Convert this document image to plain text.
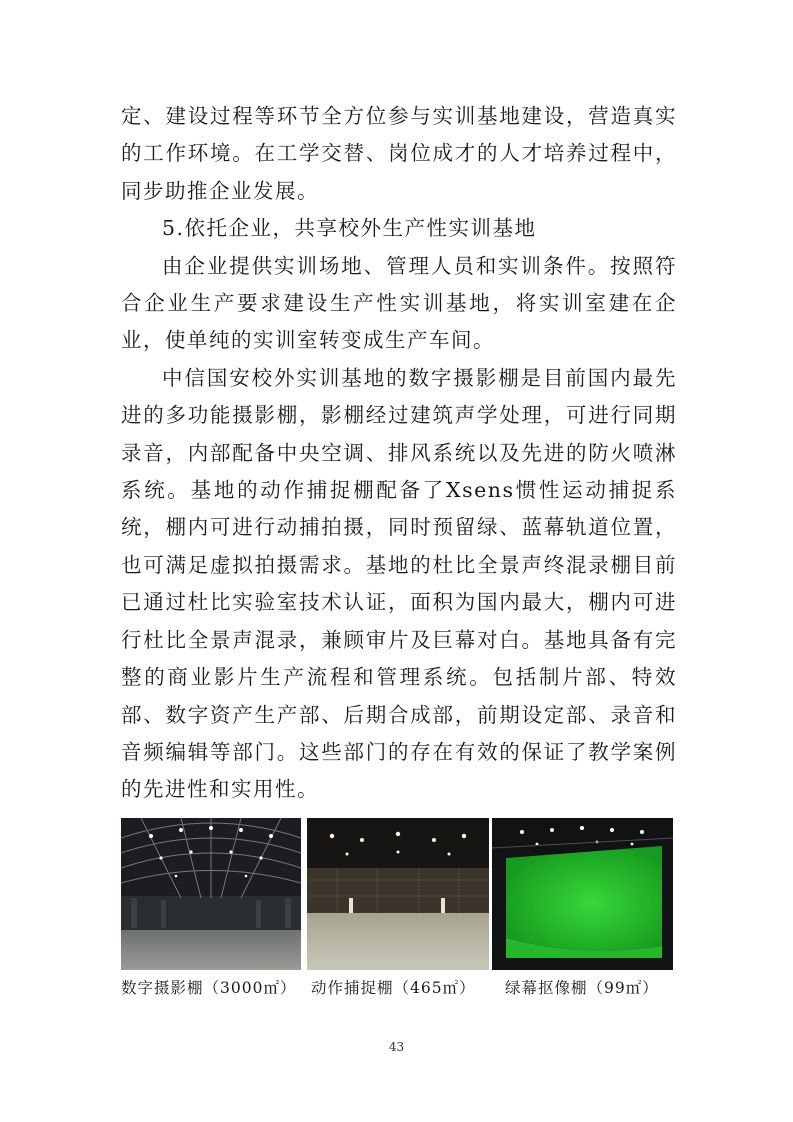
定、建设过程等环节全方位参与实训基地建设，营造真实的工作环境。在工学交替、岗位成才的人才培养过程中，同步助推企业发展。

5.依托企业，共享校外生产性实训基地

由企业提供实训场地、管理人员和实训条件。按照符合企业生产要求建设生产性实训基地，将实训室建在企业，使单纯的实训室转变成生产车间。

中信国安校外实训基地的数字摄影棚是目前国内最先进的多功能摄影棚，影棚经过建筑声学处理，可进行同期录音，内部配备中央空调、排风系统以及先进的防火喷淋系统。基地的动作捕捉棚配备了Xsens惯性运动捕捉系统，棚内可进行动捕拍摄，同时预留绿、蓝幕轨道位置，也可满足虚拟拍摄需求。基地的杜比全景声终混录棚目前已通过杜比实验室技术认证，面积为国内最大，棚内可进行杜比全景声混录，兼顾审片及巨幕对白。基地具备有完整的商业影片生产流程和管理系统。包括制片部、特效部、数字资产生产部、后期合成部，前期设定部、录音和音频编辑等部门。这些部门的存在有效的保证了教学案例的先进性和实用性。

数字摄影棚（3000㎡） 动作捕捉棚（465㎡） 绿幕抠像棚（99㎡）
43
